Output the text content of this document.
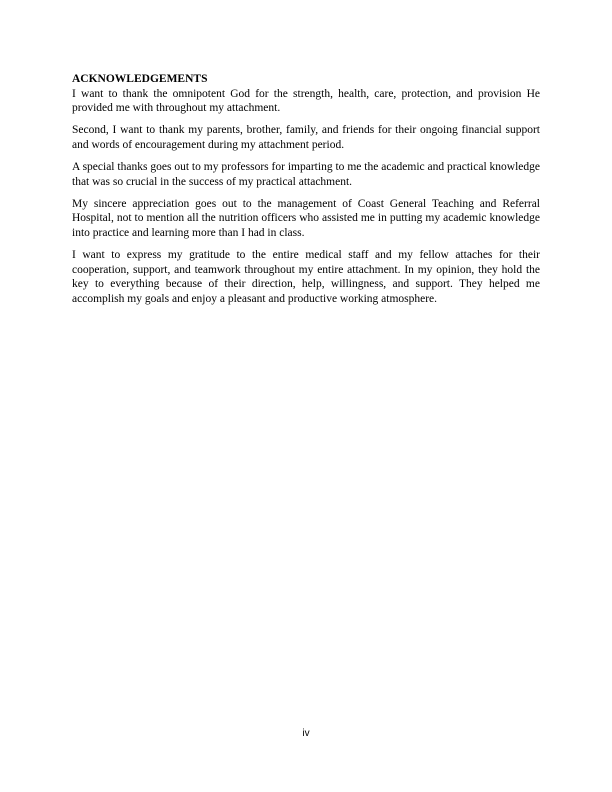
ACKNOWLEDGEMENTS

I want to thank the omnipotent God for the strength, health, care, protection, and provision He provided me with throughout my attachment.

Second, I want to thank my parents, brother, family, and friends for their ongoing financial support and words of encouragement during my attachment period.

A special thanks goes out to my professors for imparting to me the academic and practical knowledge that was so crucial in the success of my practical attachment.

My sincere appreciation goes out to the management of Coast General Teaching and Referral Hospital, not to mention all the nutrition officers who assisted me in putting my academic knowledge into practice and learning more than I had in class.

I want to express my gratitude to the entire medical staff and my fellow attaches for their cooperation, support, and teamwork throughout my entire attachment. In my opinion, they hold the key to everything because of their direction, help, willingness, and support. They helped me accomplish my goals and enjoy a pleasant and productive working atmosphere.

iv
